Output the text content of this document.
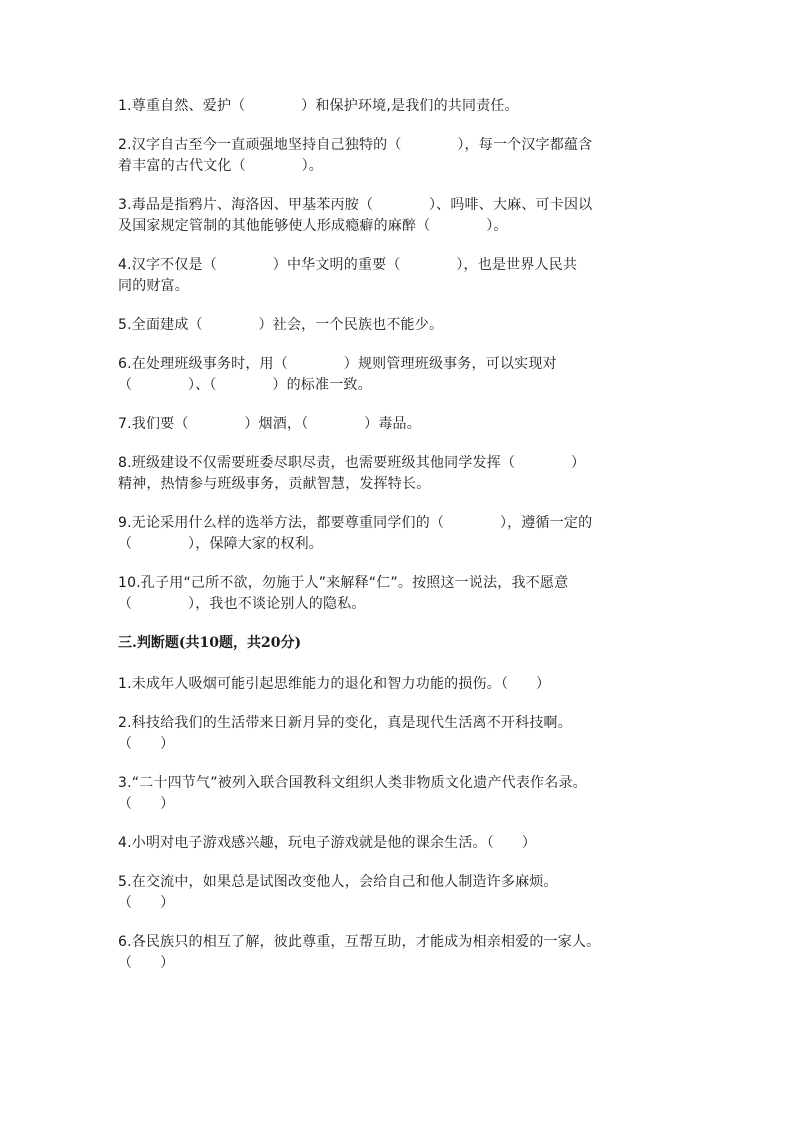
1.尊重自然、爱护（            ）和保护环境,是我们的共同责任。
2.汉字自古至今一直顽强地坚持自己独特的（            ），每一个汉字都蕴含
着丰富的古代文化（            ）。
3.毒品是指鸦片、海洛因、甲基苯丙胺（            ）、吗啡、大麻、可卡因以
及国家规定管制的其他能够使人形成瘾癖的麻醉（            ）。
4.汉字不仅是（            ）中华文明的重要（            ），也是世界人民共
同的财富。
5.全面建成（            ）社会，一个民族也不能少。
6.在处理班级事务时，用（            ）规则管理班级事务，可以实现对
（            ）、（            ）的标准一致。
7.我们要（            ）烟酒，（            ）毒品。
8.班级建设不仅需要班委尽职尽责，也需要班级其他同学发挥（            ）
精神，热情参与班级事务，贡献智慧，发挥特长。
9.无论采用什么样的选举方法，都要尊重同学们的（            ），遵循一定的
（            ），保障大家的权利。
10.孔子用“己所不欲，勿施于人”来解释“仁”。按照这一说法，我不愿意
（            ），我也不谈论别人的隐私。
三.判断题(共10题，共20分)
1.未成年人吸烟可能引起思维能力的退化和智力功能的损伤。（      ）
2.科技给我们的生活带来日新月异的变化，真是现代生活离不开科技啊。
（      ）
3.“二十四节气”被列入联合国教科文组织人类非物质文化遗产代表作名录。
（      ）
4.小明对电子游戏感兴趣，玩电子游戏就是他的课余生活。（      ）
5.在交流中，如果总是试图改变他人，会给自己和他人制造许多麻烦。
（      ）
6.各民族只的相互了解，彼此尊重，互帮互助，才能成为相亲相爱的一家人。
（      ）
